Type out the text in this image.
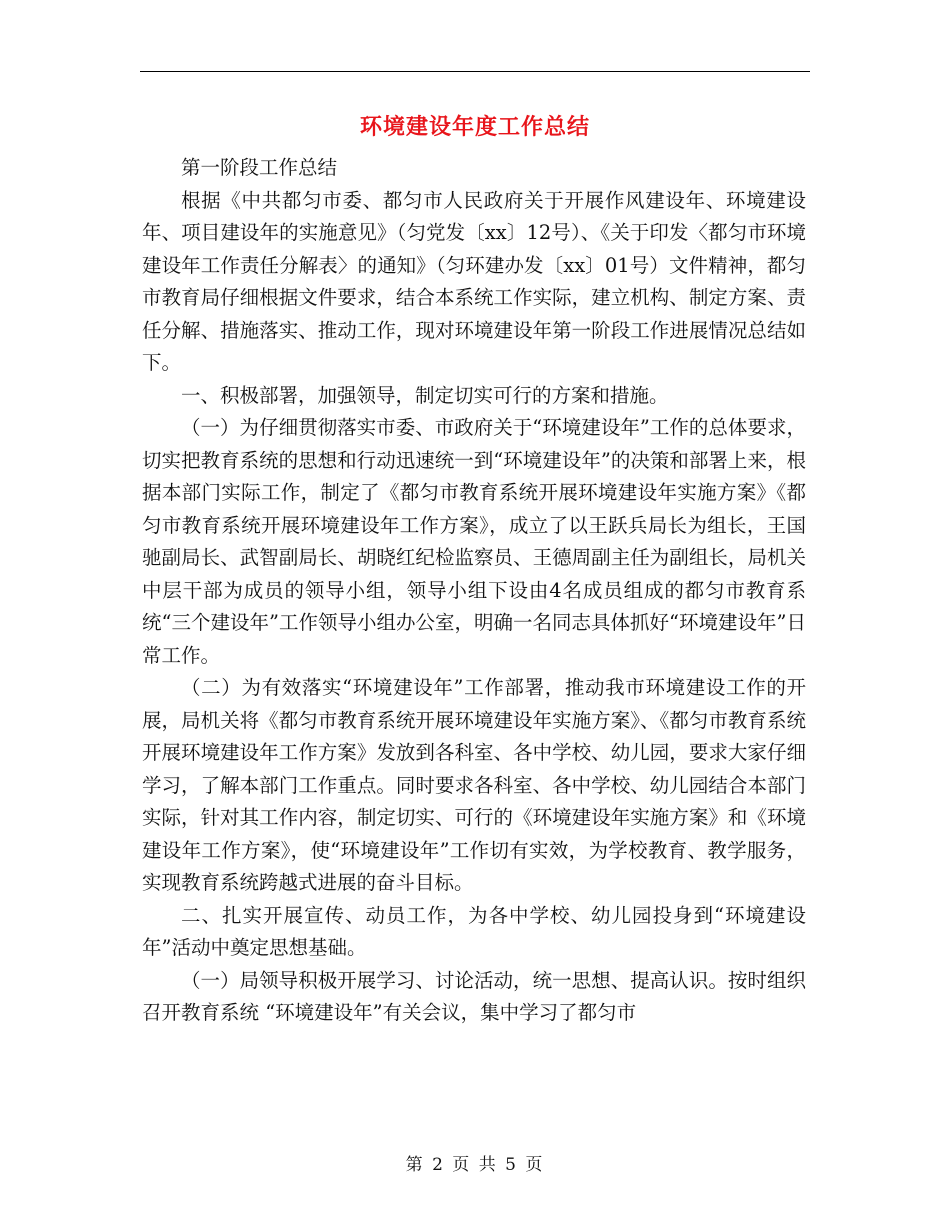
环境建设年度工作总结

第一阶段工作总结

根据《中共都匀市委、都匀市人民政府关于开展作风建设年、环境建设年、项目建设年的实施意见》（匀党发〔xx〕12号）、《关于印发〈都匀市环境建设年工作责任分解表〉的通知》（匀环建办发〔xx〕01号）文件精神，都匀市教育局仔细根据文件要求，结合本系统工作实际，建立机构、制定方案、责任分解、措施落实、推动工作，现对环境建设年第一阶段工作进展情况总结如下。

一、积极部署，加强领导，制定切实可行的方案和措施。

（一）为仔细贯彻落实市委、市政府关于“环境建设年”工作的总体要求，切实把教育系统的思想和行动迅速统一到“环境建设年”的决策和部署上来，根据本部门实际工作，制定了《都匀市教育系统开展环境建设年实施方案》《都匀市教育系统开展环境建设年工作方案》，成立了以王跃兵局长为组长，王国驰副局长、武智副局长、胡晓红纪检监察员、王德周副主任为副组长，局机关中层干部为成员的领导小组，领导小组下设由4名成员组成的都匀市教育系统“三个建设年”工作领导小组办公室，明确一名同志具体抓好“环境建设年”日常工作。

（二）为有效落实“环境建设年”工作部署，推动我市环境建设工作的开展，局机关将《都匀市教育系统开展环境建设年实施方案》、《都匀市教育系统开展环境建设年工作方案》发放到各科室、各中学校、幼儿园，要求大家仔细学习，了解本部门工作重点。同时要求各科室、各中学校、幼儿园结合本部门实际，针对其工作内容，制定切实、可行的《环境建设年实施方案》和《环境建设年工作方案》，使“环境建设年”工作切有实效，为学校教育、教学服务，实现教育系统跨越式进展的奋斗目标。

二、扎实开展宣传、动员工作，为各中学校、幼儿园投身到“环境建设年”活动中奠定思想基础。

（一）局领导积极开展学习、讨论活动，统一思想、提高认识。按时组织召开教育系统 “环境建设年”有关会议，集中学习了都匀市

第 2 页 共 5 页
